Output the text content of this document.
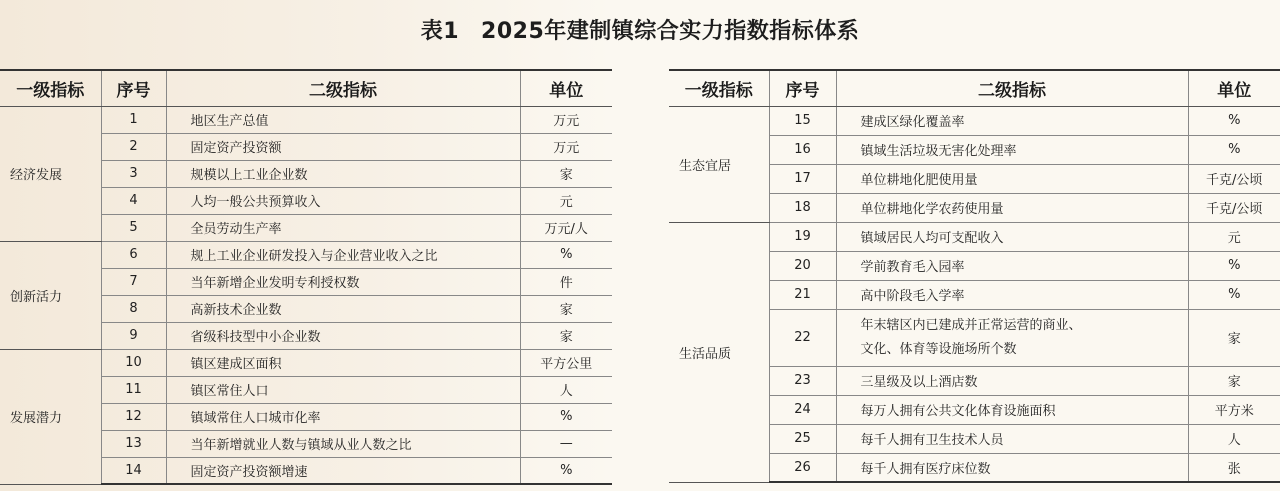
表1 2025年建制镇综合实力指数指标体系
一级指标	序号	二级指标	单位
经济发展	1	地区生产总值	万元
	2	固定资产投资额	万元
	3	规模以上工业企业数	家
	4	人均一般公共预算收入	元
	5	全员劳动生产率	万元/人
创新活力	6	规上工业企业研发投入与企业营业收入之比	%
	7	当年新增企业发明专利授权数	件
	8	高新技术企业数	家
	9	省级科技型中小企业数	家
发展潜力	10	镇区建成区面积	平方公里
	11	镇区常住人口	人
	12	镇域常住人口城市化率	%
	13	当年新增就业人数与镇域从业人数之比	—
	14	固定资产投资额增速	%
一级指标	序号	二级指标	单位
生态宜居	15	建成区绿化覆盖率	%
	16	镇域生活垃圾无害化处理率	%
	17	单位耕地化肥使用量	千克/公顷
	18	单位耕地化学农药使用量	千克/公顷
生活品质	19	镇域居民人均可支配收入	元
	20	学前教育毛入园率	%
	21	高中阶段毛入学率	%
	22	年末辖区内已建成并正常运营的商业、
文化、体育等设施场所个数	家
	23	三星级及以上酒店数	家
	24	每万人拥有公共文化体育设施面积	平方米
	25	每千人拥有卫生技术人员	人
	26	每千人拥有医疗床位数	张
